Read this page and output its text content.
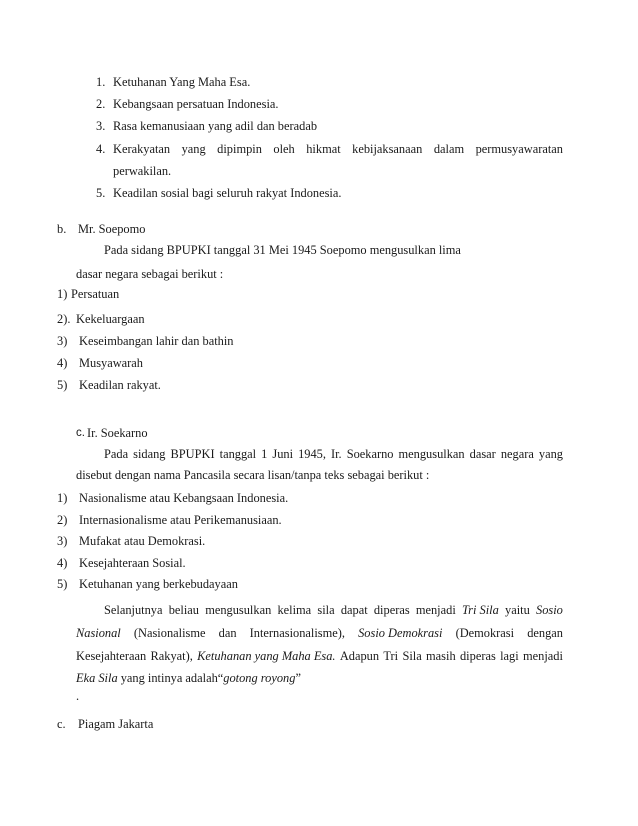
1. Ketuhanan Yang Maha Esa.
2. Kebangsaan persatuan Indonesia.
3. Rasa kemanusiaan yang adil dan beradab
4. Kerakyatan yang dipimpin oleh hikmat kebijaksanaan dalam permusyawaratan
perwakilan.
5. Keadilan sosial bagi seluruh rakyat Indonesia.
b. Mr. Soepomo
Pada sidang BPUPKI tanggal 31 Mei 1945 Soepomo mengusulkan lima
dasar negara sebagai berikut :
1) Persatuan
2). Kekeluargaan
3) Keseimbangan lahir dan bathin
4) Musyawarah
5) Keadilan rakyat.
c. Ir. Soekarno
Pada sidang BPUPKI tanggal 1 Juni 1945, Ir. Soekarno mengusulkan dasar negara yang
disebut dengan nama Pancasila secara lisan/tanpa teks sebagai berikut :
1) Nasionalisme atau Kebangsaan Indonesia.
2) Internasionalisme atau Perikemanusiaan.
3) Mufakat atau Demokrasi.
4) Kesejahteraan Sosial.
5) Ketuhanan yang berkebudayaan
Selanjutnya beliau mengusulkan kelima sila dapat diperas menjadi Tri Sila yaitu Sosio
Nasional (Nasionalisme dan Internasionalisme), Sosio Demokrasi (Demokrasi dengan
Kesejahteraan Rakyat), Ketuhanan yang Maha Esa. Adapun Tri Sila masih diperas lagi menjadi
Eka Sila yang intinya adalah“gotong royong”
.
c. Piagam Jakarta
